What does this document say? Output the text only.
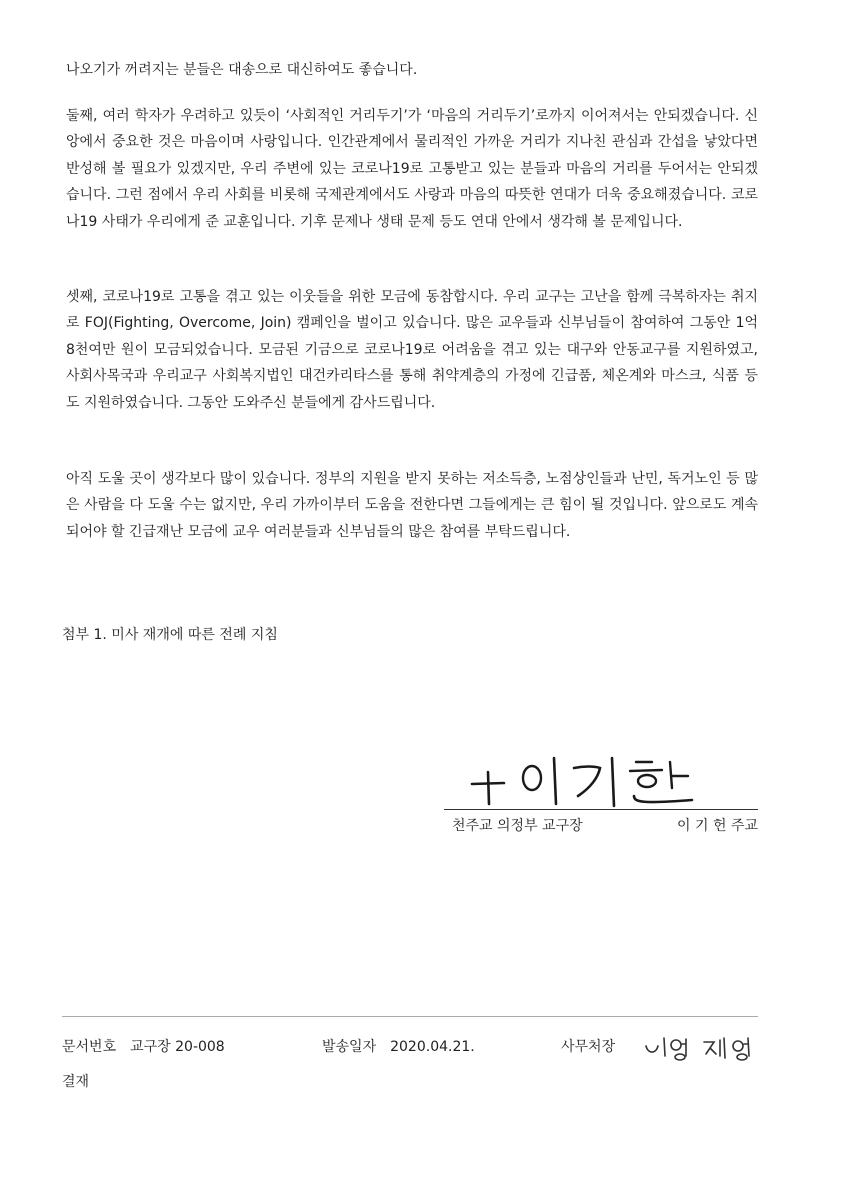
나오기가 꺼려지는 분들은 대송으로 대신하여도 좋습니다.

둘째, 여러 학자가 우려하고 있듯이 ‘사회적인 거리두기’가 ‘마음의 거리두기’로까지 이어져서는 안되겠습니다. 신앙에서 중요한 것은 마음이며 사랑입니다. 인간관계에서 물리적인 가까운 거리가 지나친 관심과 간섭을 낳았다면 반성해 볼 필요가 있겠지만, 우리 주변에 있는 코로나19로 고통받고 있는 분들과 마음의 거리를 두어서는 안되겠습니다. 그런 점에서 우리 사회를 비롯해 국제관계에서도 사랑과 마음의 따뜻한 연대가 더욱 중요해졌습니다. 코로나19 사태가 우리에게 준 교훈입니다. 기후 문제나 생태 문제 등도 연대 안에서 생각해 볼 문제입니다.

셋째, 코로나19로 고통을 겪고 있는 이웃들을 위한 모금에 동참합시다. 우리 교구는 고난을 함께 극복하자는 취지로 FOJ(Fighting, Overcome, Join) 캠페인을 벌이고 있습니다. 많은 교우들과 신부님들이 참여하여 그동안 1억 8천여만 원이 모금되었습니다. 모금된 기금으로 코로나19로 어려움을 겪고 있는 대구와 안동교구를 지원하였고, 사회사목국과 우리교구 사회복지법인 대건카리타스를 통해 취약계층의 가정에 긴급품, 체온계와 마스크, 식품 등도 지원하였습니다. 그동안 도와주신 분들에게 감사드립니다.

아직 도울 곳이 생각보다 많이 있습니다. 정부의 지원을 받지 못하는 저소득층, 노점상인들과 난민, 독거노인 등 많은 사람을 다 도울 수는 없지만, 우리 가까이부터 도움을 전한다면 그들에게는 큰 힘이 될 것입니다. 앞으로도 계속되어야 할 긴급재난 모금에 교우 여러분들과 신부님들의 많은 참여를 부탁드립니다.

첨부 1. 미사 재개에 따른 전례 지침
천주교 의정부 교구장	이 기 헌 주교
문서번호 교구장 20-008	발송일자 2020.04.21.	사무처장
결재
